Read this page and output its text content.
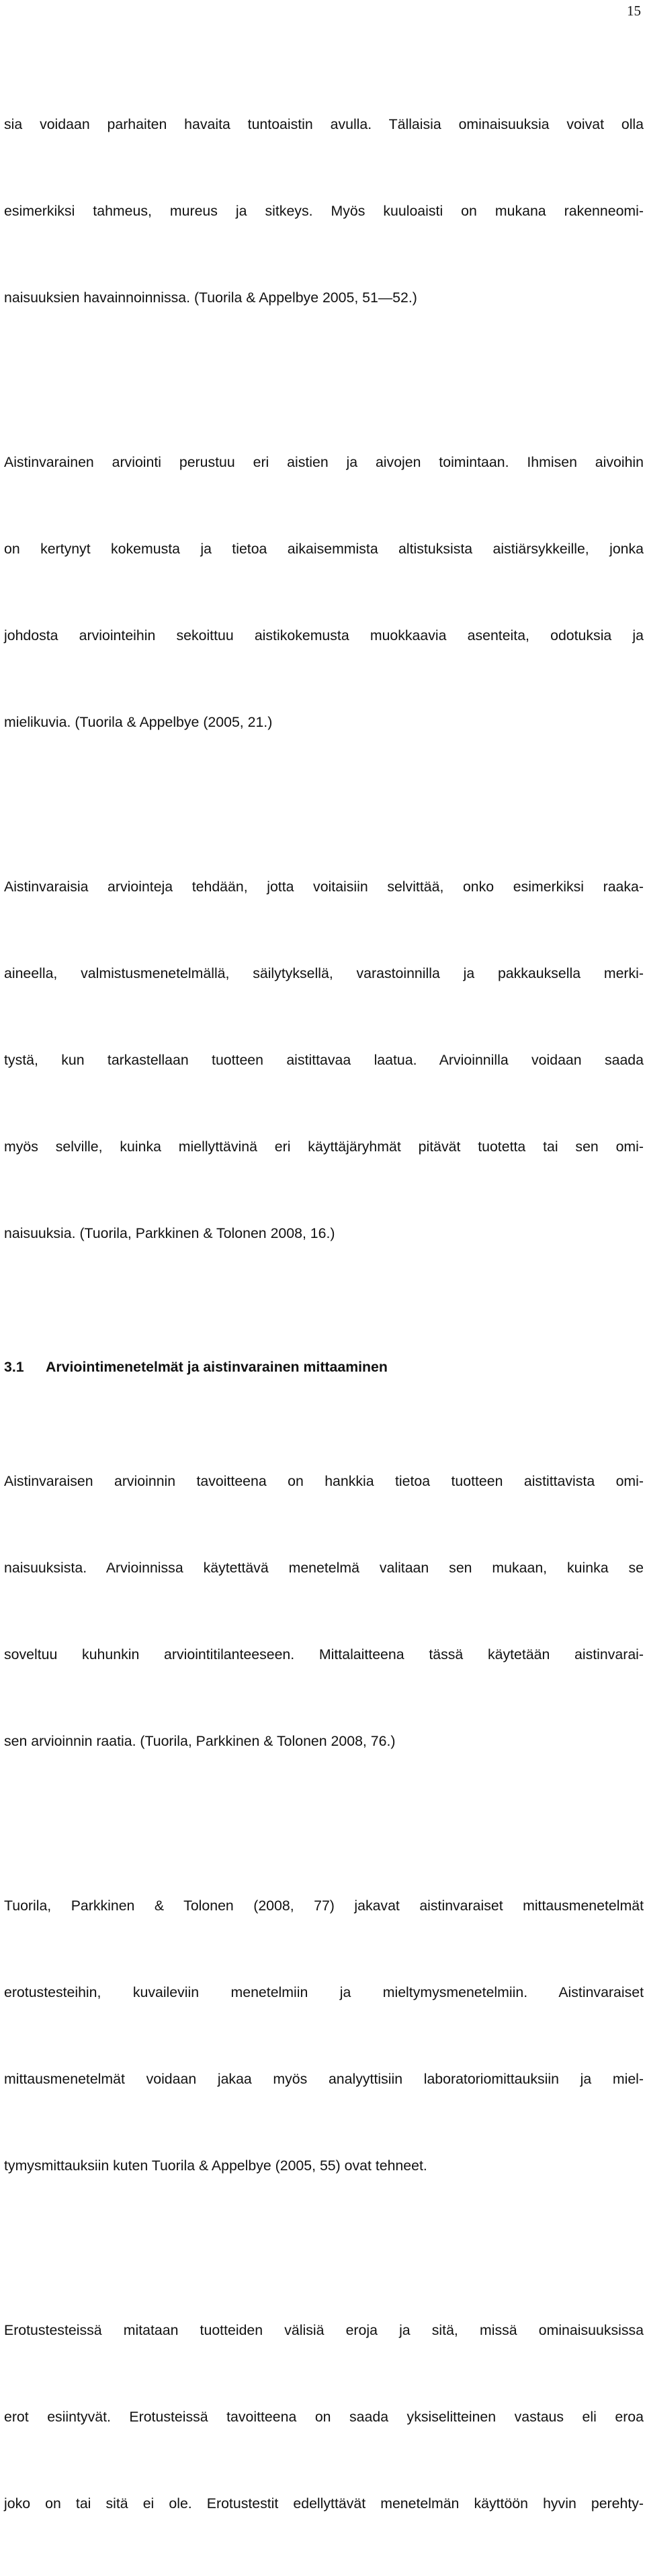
15

sia voidaan parhaiten havaita tuntoaistin avulla. Tällaisia ominaisuuksia voivat olla

esimerkiksi tahmeus, mureus ja sitkeys. Myös kuuloaisti on mukana rakenneomi-

naisuuksien havainnoinnissa. (Tuorila & Appelbye 2005, 51—52.)

Aistinvarainen arviointi perustuu eri aistien ja aivojen toimintaan. Ihmisen aivoihin

on kertynyt kokemusta ja tietoa aikaisemmista altistuksista aistiärsykkeille, jonka

johdosta arviointeihin sekoittuu aistikokemusta muokkaavia asenteita, odotuksia ja

mielikuvia. (Tuorila & Appelbye (2005, 21.)

Aistinvaraisia arviointeja tehdään, jotta voitaisiin selvittää, onko esimerkiksi raaka-

aineella, valmistusmenetelmällä, säilytyksellä, varastoinnilla ja pakkauksella merki-

tystä, kun tarkastellaan tuotteen aistittavaa laatua. Arvioinnilla voidaan saada

myös selville, kuinka miellyttävinä eri käyttäjäryhmät pitävät tuotetta tai sen omi-

naisuuksia. (Tuorila, Parkkinen & Tolonen 2008, 16.)

3.1 Arviointimenetelmät ja aistinvarainen mittaaminen

Aistinvaraisen arvioinnin tavoitteena on hankkia tietoa tuotteen aistittavista omi-

naisuuksista. Arvioinnissa käytettävä menetelmä valitaan sen mukaan, kuinka se

soveltuu kuhunkin arviointitilanteeseen. Mittalaitteena tässä käytetään aistinvarai-

sen arvioinnin raatia. (Tuorila, Parkkinen & Tolonen 2008, 76.)

Tuorila, Parkkinen & Tolonen (2008, 77) jakavat aistinvaraiset mittausmenetelmät

erotustesteihin, kuvaileviin menetelmiin ja mieltymysmenetelmiin. Aistinvaraiset

mittausmenetelmät voidaan jakaa myös analyyttisiin laboratoriomittauksiin ja miel-

tymysmittauksiin kuten Tuorila & Appelbye (2005, 55) ovat tehneet.

Erotustesteissä mitataan tuotteiden välisiä eroja ja sitä, missä ominaisuuksissa

erot esiintyvät. Erotusteissä tavoitteena on saada yksiselitteinen vastaus eli eroa

joko on tai sitä ei ole. Erotustestit edellyttävät menetelmän käyttöön hyvin perehty-
